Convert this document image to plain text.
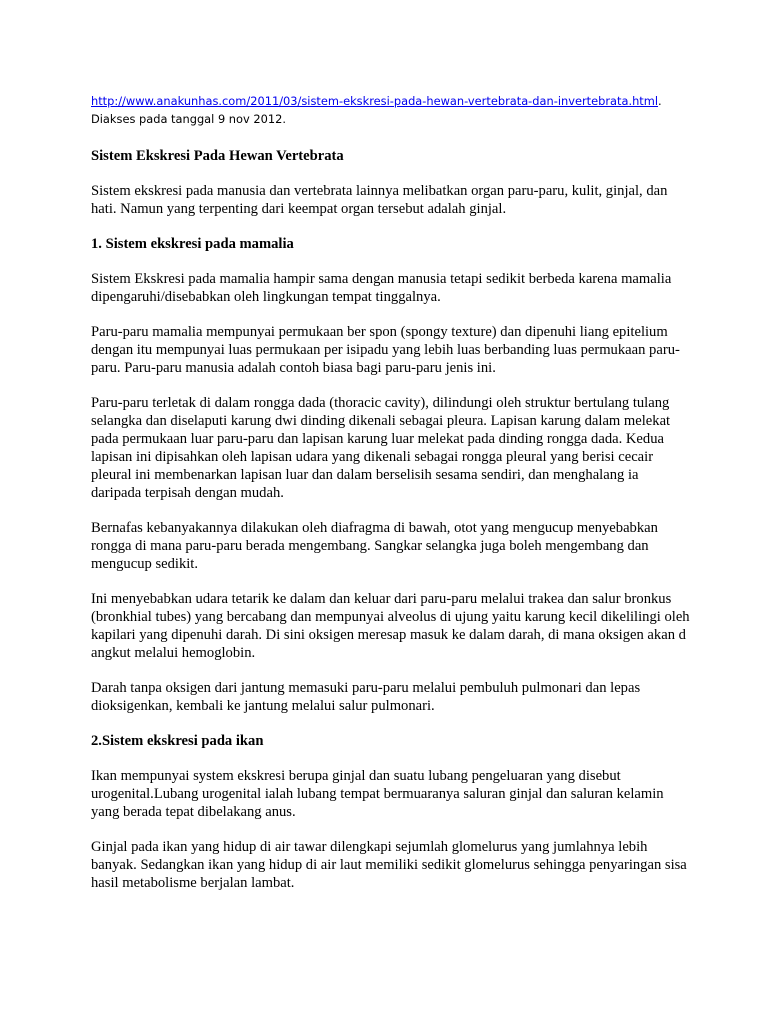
http://www.anakunhas.com/2011/03/sistem-ekskresi-pada-hewan-vertebrata-dan-invertebrata.html.
Diakses pada tanggal 9 nov 2012.
Sistem Ekskresi Pada Hewan Vertebrata

Sistem ekskresi pada manusia dan vertebrata lainnya melibatkan organ paru-paru, kulit, ginjal, dan hati. Namun yang terpenting dari keempat organ tersebut adalah ginjal.

1. Sistem ekskresi pada mamalia

Sistem Ekskresi pada mamalia hampir sama dengan manusia tetapi sedikit berbeda karena mamalia dipengaruhi/disebabkan oleh lingkungan tempat tinggalnya.

Paru-paru mamalia mempunyai permukaan ber spon (spongy texture) dan dipenuhi liang epitelium dengan itu mempunyai luas permukaan per isipadu yang lebih luas berbanding luas permukaan paru-paru. Paru-paru manusia adalah contoh biasa bagi paru-paru jenis ini.

Paru-paru terletak di dalam rongga dada (thoracic cavity), dilindungi oleh struktur bertulang tulang selangka dan diselaputi karung dwi dinding dikenali sebagai pleura. Lapisan karung dalam melekat pada permukaan luar paru-paru dan lapisan karung luar melekat pada dinding rongga dada. Kedua lapisan ini dipisahkan oleh lapisan udara yang dikenali sebagai rongga pleural yang berisi cecair pleural ini membenarkan lapisan luar dan dalam berselisih sesama sendiri, dan menghalang ia daripada terpisah dengan mudah.

Bernafas kebanyakannya dilakukan oleh diafragma di bawah, otot yang mengucup menyebabkan rongga di mana paru-paru berada mengembang. Sangkar selangka juga boleh mengembang dan mengucup sedikit.

Ini menyebabkan udara tetarik ke dalam dan keluar dari paru-paru melalui trakea dan salur bronkus (bronkhial tubes) yang bercabang dan mempunyai alveolus di ujung yaitu karung kecil dikelilingi oleh kapilari yang dipenuhi darah. Di sini oksigen meresap masuk ke dalam darah, di mana oksigen akan d angkut melalui hemoglobin.

Darah tanpa oksigen dari jantung memasuki paru-paru melalui pembuluh pulmonari dan lepas dioksigenkan, kembali ke jantung melalui salur pulmonari.

2.Sistem ekskresi pada ikan

Ikan mempunyai system ekskresi berupa ginjal dan suatu lubang pengeluaran yang disebut urogenital.Lubang urogenital ialah lubang tempat bermuaranya saluran ginjal dan saluran kelamin yang berada tepat dibelakang anus.

Ginjal pada ikan yang hidup di air tawar dilengkapi sejumlah glomelurus yang jumlahnya lebih banyak. Sedangkan ikan yang hidup di air laut memiliki sedikit glomelurus sehingga penyaringan sisa hasil metabolisme berjalan lambat.
